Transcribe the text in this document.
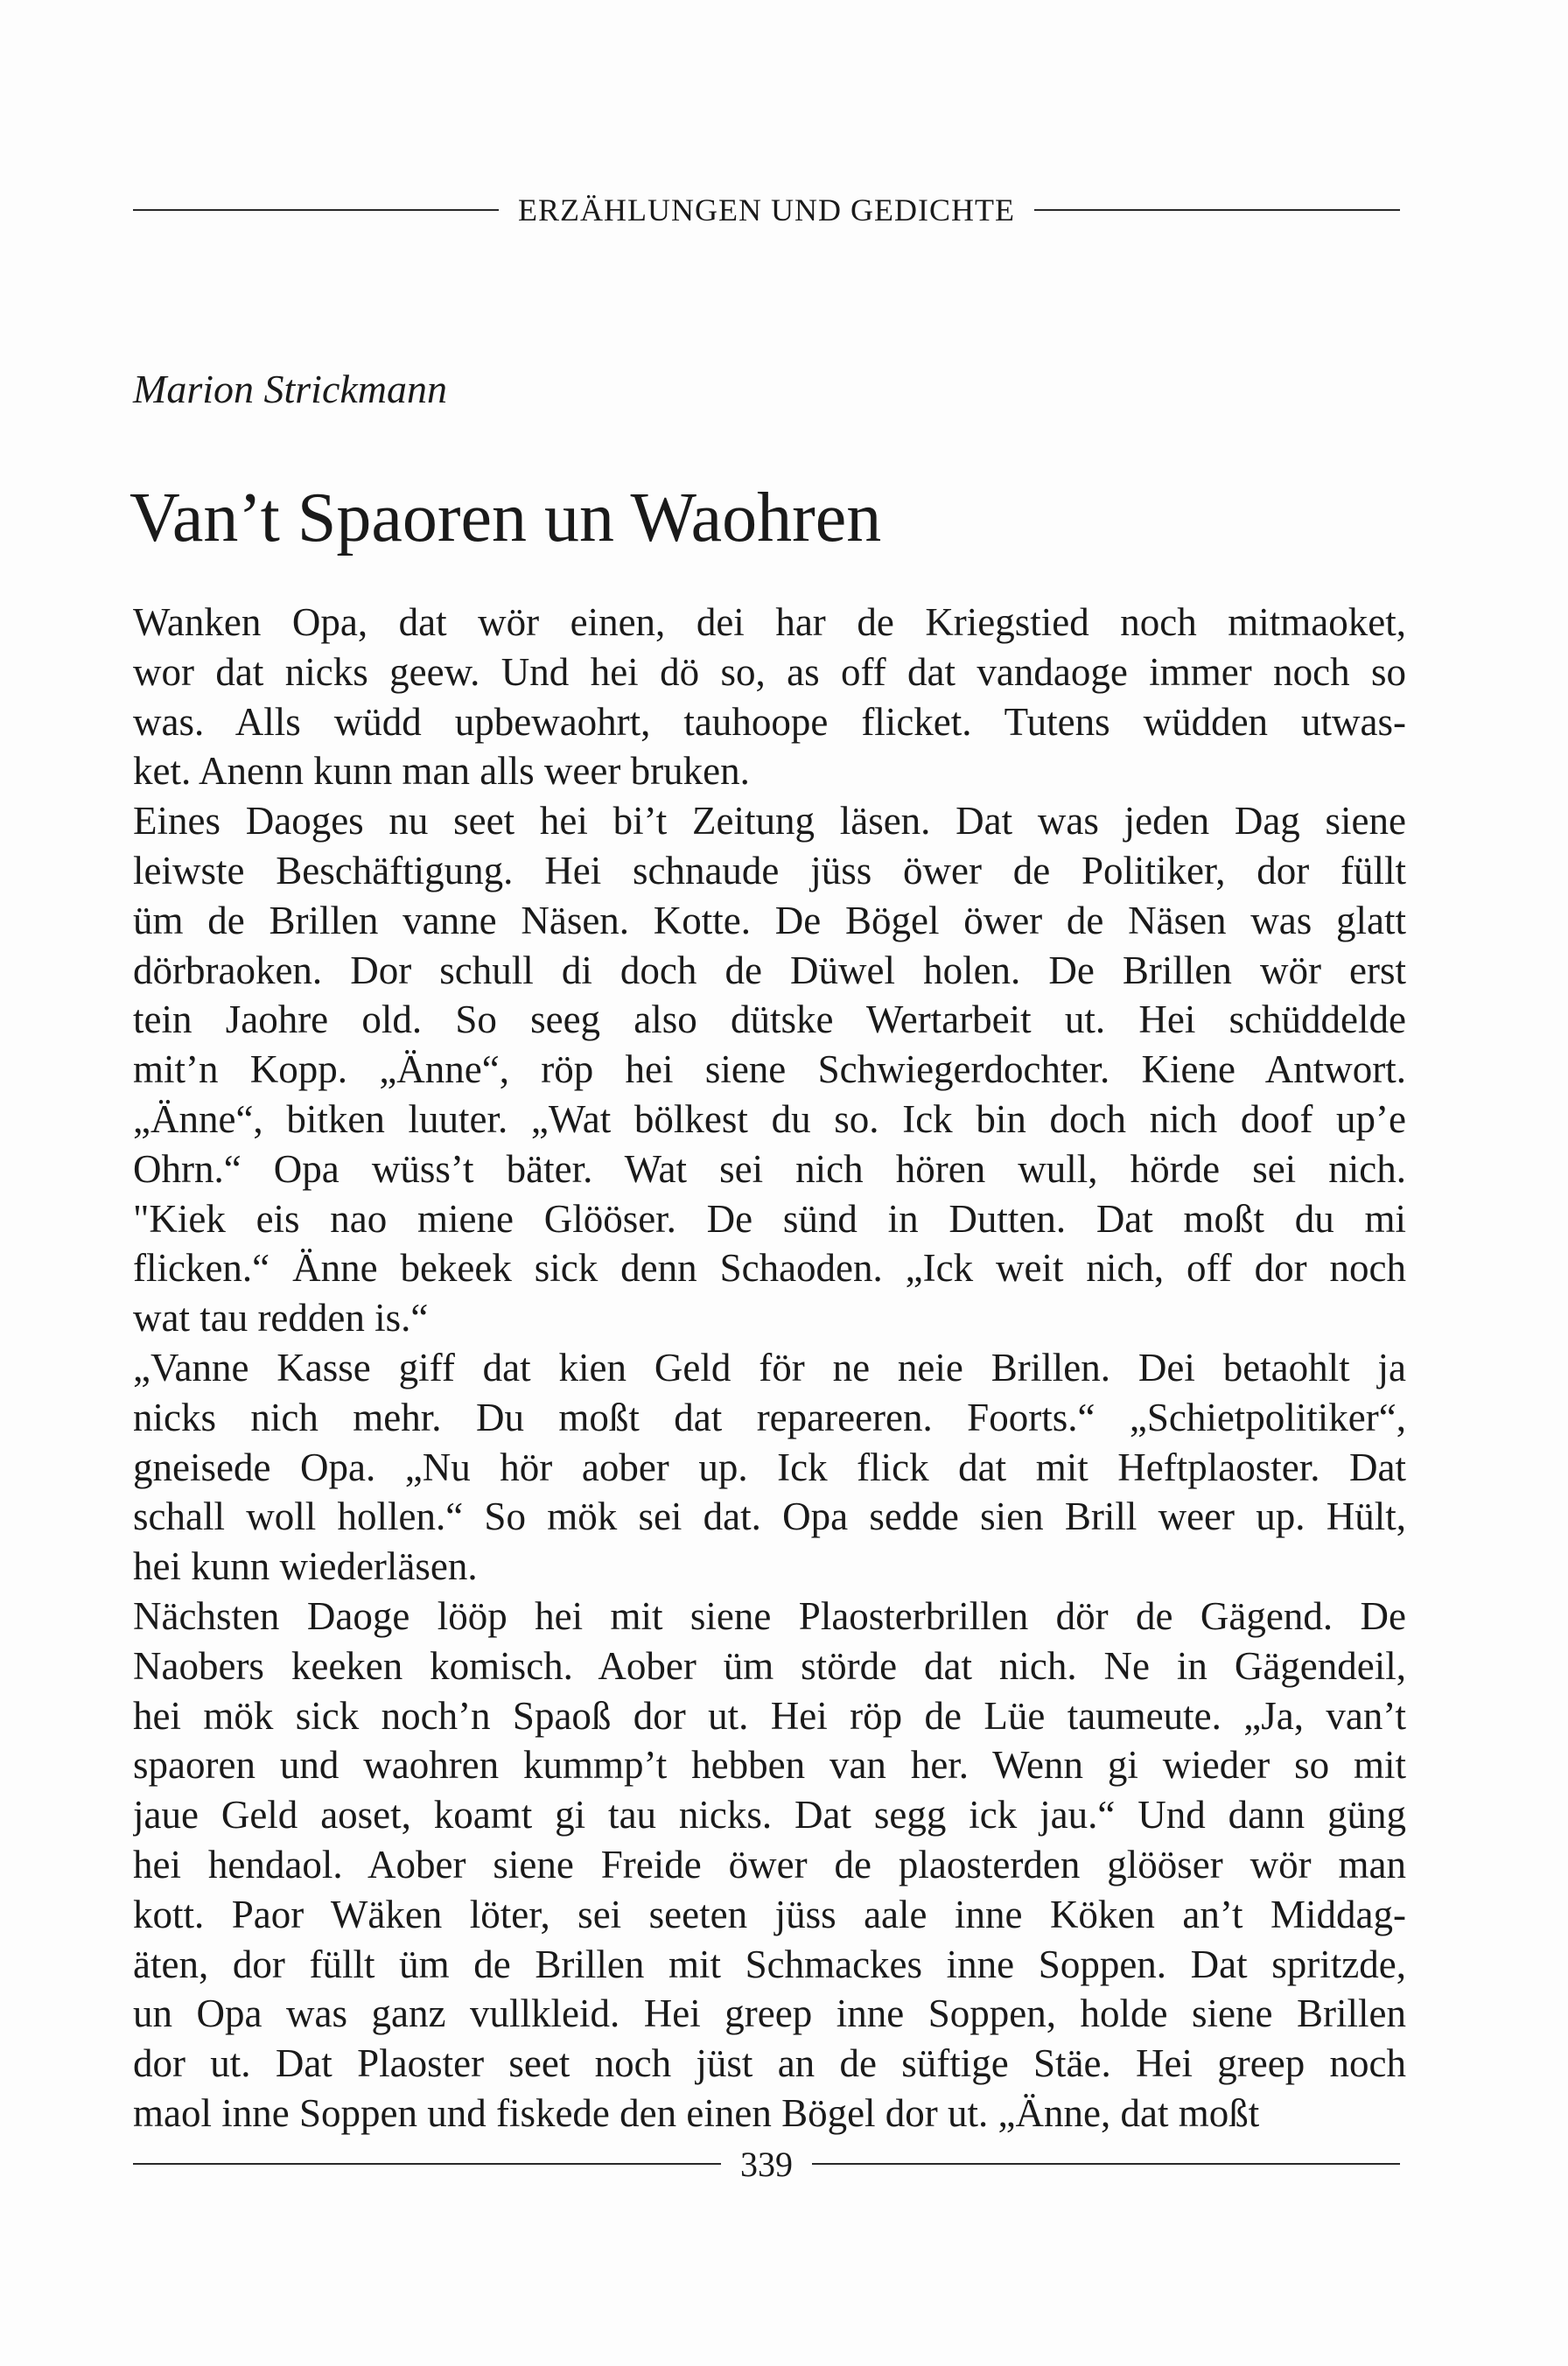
ERZÄHLUNGEN UND GEDICHTE
Marion Strickmann
Van’t Spaoren un Waohren
Wanken Opa, dat wör einen, dei har de Kriegstied noch mitmaoket,
wor dat nicks geew. Und hei dö so, as off dat vandaoge immer noch so
was. Alls wüdd upbewaohrt, tauhoope flicket. Tutens wüdden utwas-
ket. Anenn kunn man alls weer bruken.
Eines Daoges nu seet hei bi’t Zeitung läsen. Dat was jeden Dag siene
leiwste Beschäftigung. Hei schnaude jüss öwer de Politiker, dor füllt
üm de Brillen vanne Näsen. Kotte. De Bögel öwer de Näsen was glatt
dörbraoken. Dor schull di doch de Düwel holen. De Brillen wör erst
tein Jaohre old. So seeg also dütske Wertarbeit ut. Hei schüddelde
mit’n Kopp. „Änne“, röp hei siene Schwiegerdochter. Kiene Antwort.
„Änne“, bitken luuter. „Wat bölkest du so. Ick bin doch nich doof up’e
Ohrn.“ Opa wüss’t bäter. Wat sei nich hören wull, hörde sei nich.
"Kiek eis nao miene Glööser. De sünd in Dutten. Dat moßt du mi
flicken.“ Änne bekeek sick denn Schaoden. „Ick weit nich, off dor noch
wat tau redden is.“
„Vanne Kasse giff dat kien Geld för ne neie Brillen. Dei betaohlt ja
nicks nich mehr. Du moßt dat repareeren. Foorts.“ „Schietpolitiker“,
gneisede Opa. „Nu hör aober up. Ick flick dat mit Heftplaoster. Dat
schall woll hollen.“ So mök sei dat. Opa sedde sien Brill weer up. Hült,
hei kunn wiederläsen.
Nächsten Daoge lööp hei mit siene Plaosterbrillen dör de Gägend. De
Naobers keeken komisch. Aober üm störde dat nich. Ne in Gägendeil,
hei mök sick noch’n Spaoß dor ut. Hei röp de Lüe taumeute. „Ja, van’t
spaoren und waohren kummp’t hebben van her. Wenn gi wieder so mit
jaue Geld aoset, koamt gi tau nicks. Dat segg ick jau.“ Und dann güng
hei hendaol. Aober siene Freide öwer de plaosterden glööser wör man
kott. Paor Wäken löter, sei seeten jüss aale inne Köken an’t Middag-
äten, dor füllt üm de Brillen mit Schmackes inne Soppen. Dat spritzde,
un Opa was ganz vullkleid. Hei greep inne Soppen, holde siene Brillen
dor ut. Dat Plaoster seet noch jüst an de süftige Stäe. Hei greep noch
maol inne Soppen und fiskede den einen Bögel dor ut. „Änne, dat moßt
339
